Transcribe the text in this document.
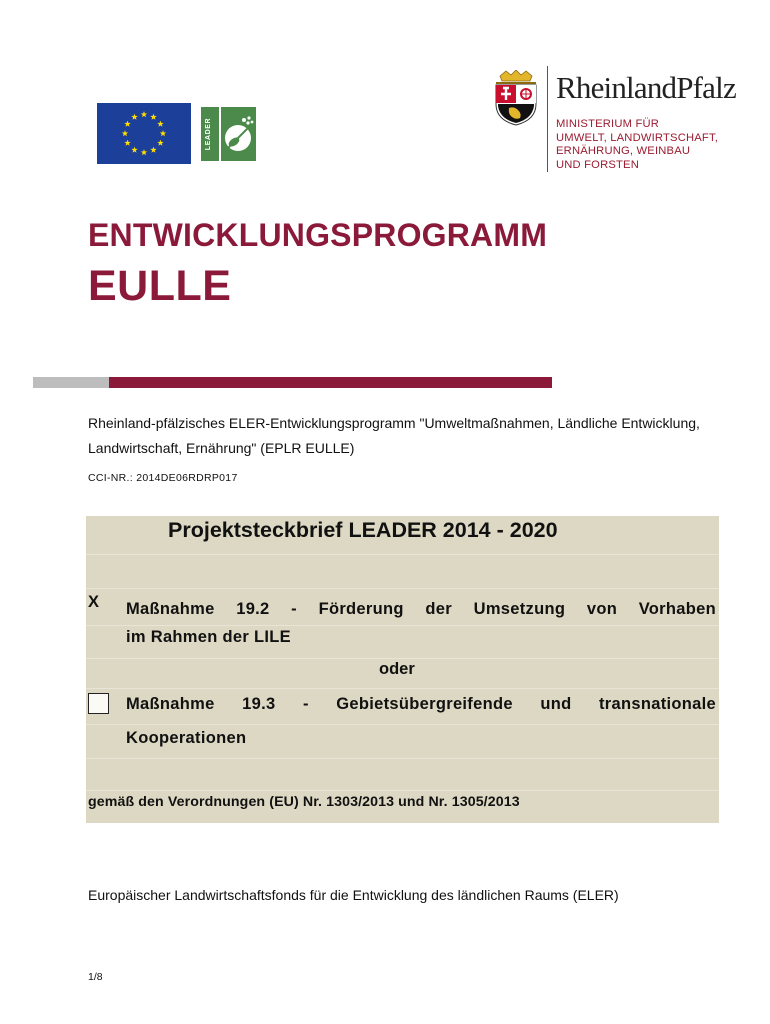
LEADER
RheinlandPfalz
MINISTERIUM FÜR
UMWELT, LANDWIRTSCHAFT,
ERNÄHRUNG, WEINBAU
UND FORSTEN
ENTWICKLUNGSPROGRAMM
EULLE
Rheinland-pfälzisches ELER-Entwicklungsprogramm "Umweltmaßnahmen, Ländliche Entwicklung, Landwirtschaft, Ernährung" (EPLR EULLE)
CCI-NR.: 2014DE06RDRP017
Projektsteckbrief LEADER 2014 - 2020
X Maßnahme 19.2 - Förderung der Umsetzung von Vorhaben
im Rahmen der LILE
oder
Maßnahme 19.3 - Gebietsübergreifende und transnationale
Kooperationen
gemäß den Verordnungen (EU) Nr. 1303/2013 und Nr. 1305/2013
Europäischer Landwirtschaftsfonds für die Entwicklung des ländlichen Raums (ELER)
1/8
